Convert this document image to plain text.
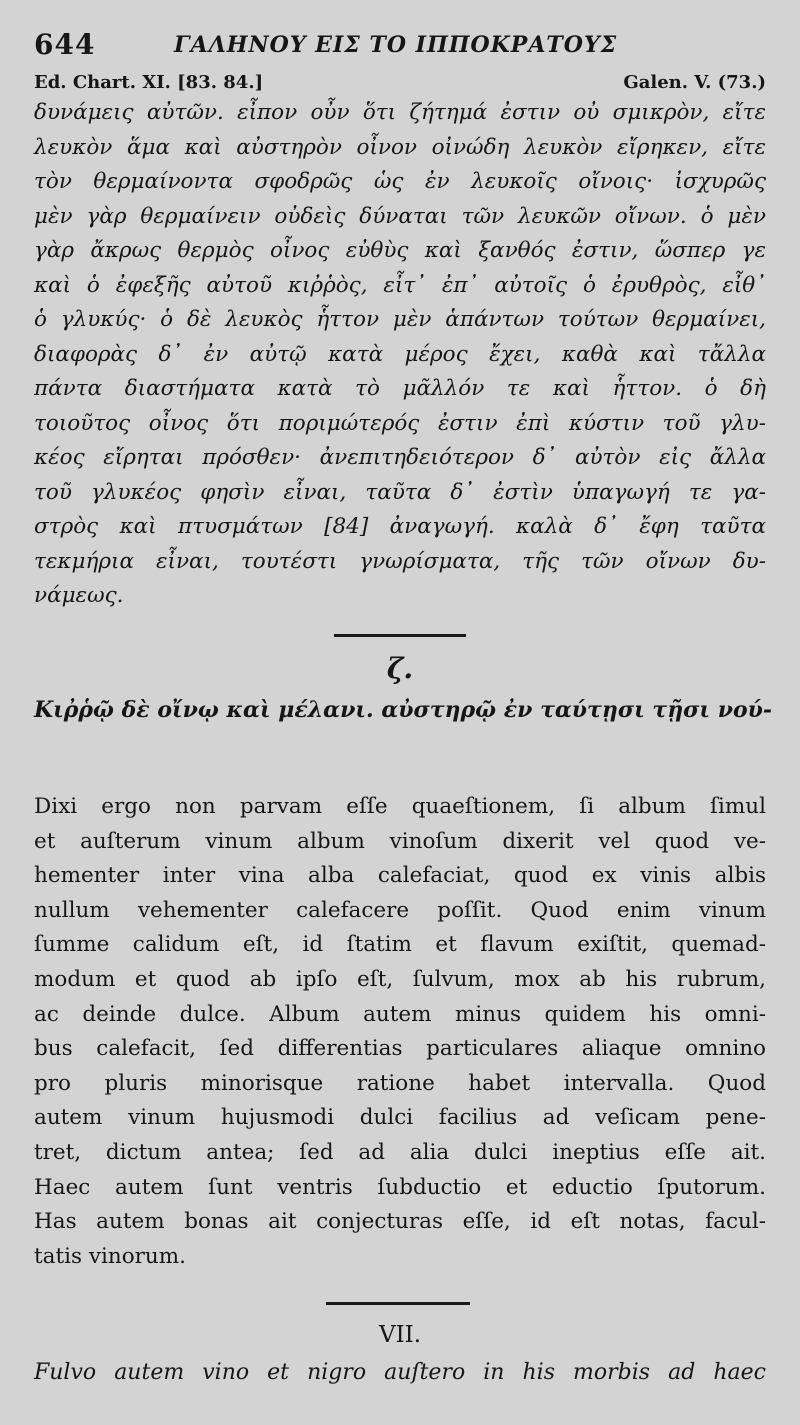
644	ΓΑΛΗΝΟΥ ΕΙΣ ΤΟ ΙΠΠΟΚΡΑΤΟΥΣ
Ed. Chart. XI. [83. 84.]	Galen. V. (73.)
δυνάμεις αὐτῶν. εἶπον οὖν ὅτι ζήτημά ἐστιν οὐ σμικρὸν, εἴτε
λευκὸν ἅμα καὶ αὐστηρὸν οἶνον οἰνώδη λευκὸν εἴρηκεν, εἴτε
τὸν θερμαίνοντα σφοδρῶς ὡς ἐν λευκοῖς οἴνοις· ἰσχυρῶς
μὲν γὰρ θερμαίνειν οὐδεὶς δύναται τῶν λευκῶν οἴνων. ὁ μὲν
γὰρ ἄκρως θερμὸς οἶνος εὐθὺς καὶ ξανθός ἐστιν, ὥσπερ γε
καὶ ὁ ἐφεξῆς αὐτοῦ κιῤῥὸς, εἶτ᾽ ἐπ᾽ αὐτοῖς ὁ ἐρυθρὸς, εἶθ᾽
ὁ γλυκύς· ὁ δὲ λευκὸς ἧττον μὲν ἁπάντων τούτων θερμαίνει,
διαφορὰς δ᾽ ἐν αὐτῷ κατὰ μέρος ἔχει, καθὰ καὶ τἄλλα
πάντα διαστήματα κατὰ τὸ μᾶλλόν τε καὶ ἧττον. ὁ δὴ
τοιοῦτος οἶνος ὅτι ποριμώτερός ἐστιν ἐπὶ κύστιν τοῦ γλυ-
κέος εἴρηται πρόσθεν· ἀνεπιτηδειότερον δ᾽ αὐτὸν εἰς ἄλλα
τοῦ γλυκέος φησὶν εἶναι, ταῦτα δ᾽ ἐστὶν ὑπαγωγή τε γα-
στρὸς καὶ πτυσμάτων [84] ἀναγωγή. καλὰ δ᾽ ἔφη ταῦτα
τεκμήρια εἶναι, τουτέστι γνωρίσματα, τῆς τῶν οἴνων δυ-
νάμεως.
ζ.
Κιῤῥῷ δὲ οἴνῳ καὶ μέλανι. αὐστηρῷ ἐν ταύτῃσι τῇσι νού-
Dixi ergo non parvam eſſe quaeſtionem, ſi album ſimul
et auſterum vinum album vinoſum dixerit vel quod ve-
hementer inter vina alba calefaciat, quod ex vinis albis
nullum vehementer calefacere poſſit. Quod enim vinum
ſumme calidum eſt, id ſtatim et flavum exiſtit, quemad-
modum et quod ab ipſo eſt, ſulvum, mox ab his rubrum,
ac deinde dulce. Album autem minus quidem his omni-
bus calefacit, ſed differentias particulares aliaque omnino
pro pluris minorisque ratione habet intervalla. Quod
autem vinum hujusmodi dulci facilius ad veſicam pene-
tret, dictum antea; ſed ad alia dulci ineptius eſſe ait.
Haec autem ſunt ventris ſubductio et eductio ſputorum.
Has autem bonas ait conjecturas eſſe, id eſt notas, facul-
tatis vinorum.
VII.
Fulvo autem vino et nigro auſtero in his morbis ad haec
